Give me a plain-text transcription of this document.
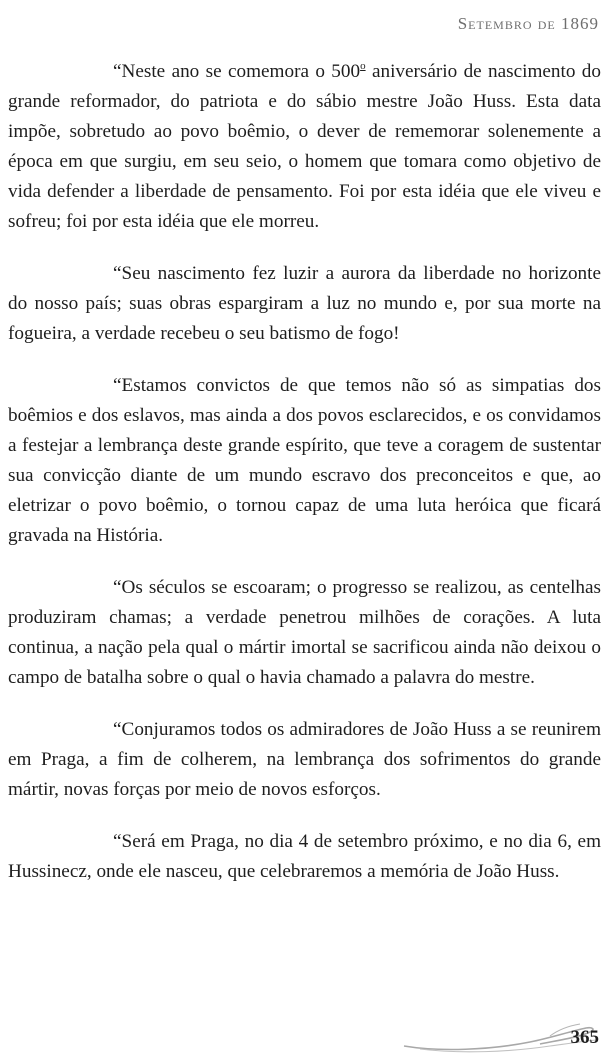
Setembro de 1869

“Neste ano se comemora o 500$^o$ aniversário de nascimento do grande reformador, do patriota e do sábio mestre João Huss. Esta data impõe, sobretudo ao povo boêmio, o dever de rememorar solenemente a época em que surgiu, em seu seio, o homem que tomara como objetivo de vida defender a liberdade de pensamento. Foi por esta idéia que ele viveu e sofreu; foi por esta idéia que ele morreu.

“Seu nascimento fez luzir a aurora da liberdade no horizonte do nosso país; suas obras espargiram a luz no mundo e, por sua morte na fogueira, a verdade recebeu o seu batismo de fogo!

“Estamos convictos de que temos não só as simpatias dos boêmios e dos eslavos, mas ainda a dos povos esclarecidos, e os convidamos a festejar a lembrança deste grande espírito, que teve a coragem de sustentar sua convicção diante de um mundo escravo dos preconceitos e que, ao eletrizar o povo boêmio, o tornou capaz de uma luta heróica que ficará gravada na História.

“Os séculos se escoaram; o progresso se realizou, as centelhas produziram chamas; a verdade penetrou milhões de corações. A luta continua, a nação pela qual o mártir imortal se sacrificou ainda não deixou o campo de batalha sobre o qual o havia chamado a palavra do mestre.

“Conjuramos todos os admiradores de João Huss a se reunirem em Praga, a fim de colherem, na lembrança dos sofrimentos do grande mártir, novas forças por meio de novos esforços.

“Será em Praga, no dia 4 de setembro próximo, e no dia 6, em Hussinecz, onde ele nasceu, que celebraremos a memória de João Huss.

365
